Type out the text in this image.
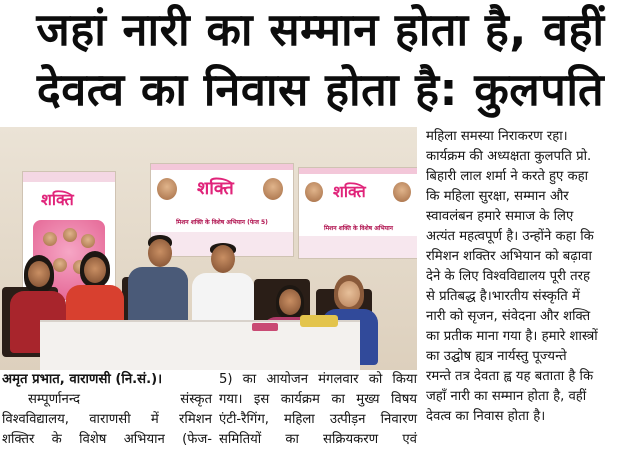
जहां नारी का सम्मान होता है, वहीं
देवत्व का निवास होता है: कुलपति
शक्ति
शक्ति
मिशन शक्ति के विशेष अभियान (फेज 5)
शक्ति
मिशन शक्ति के विशेष अभियान
अमृत प्रभात, वाराणसी (नि.सं.)।
सम्पूर्णानन्द संस्कृत
विश्वविद्यालय, वाराणसी में रमिशन
शक्तिर के विशेष अभियान (फेज-
5) का आयोजन मंगलवार को किया
गया। इस कार्यक्रम का मुख्य विषय
एंटी-रैगिंग, महिला उत्पीड़न निवारण
समितियों का सक्रियकरण एवं
महिला समस्या निराकरण रहा।
कार्यक्रम की अध्यक्षता कुलपति प्रो.
बिहारी लाल शर्मा ने करते हुए कहा
कि महिला सुरक्षा, सम्मान और
स्वावलंबन हमारे समाज के लिए
अत्यंत महत्वपूर्ण है। उन्होंने कहा कि
रमिशन शक्तिर अभियान को बढ़ावा
देने के लिए विश्वविद्यालय पूरी तरह
से प्रतिबद्ध है।भारतीय संस्कृति में
नारी को सृजन, संवेदना और शक्ति
का प्रतीक माना गया है। हमारे शास्त्रों
का उद्घोष ह्यत्र नार्यस्तु पूज्यन्ते
रमन्ते तत्र देवता ह्व यह बताता है कि
जहाँ नारी का सम्मान होता है, वहीं
देवत्व का निवास होता है।
